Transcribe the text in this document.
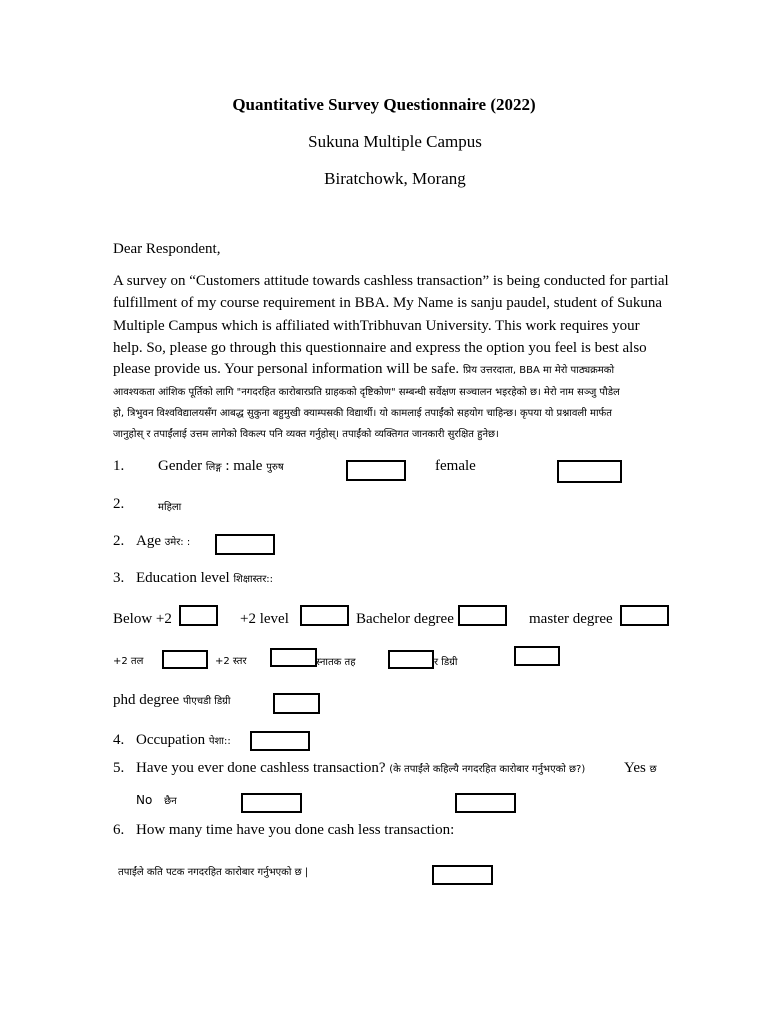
Quantitative Survey Questionnaire (2022)
Sukuna Multiple Campus
Biratchowk, Morang
Dear Respondent,
A survey on “Customers attitude towards cashless transaction” is being conducted for partial
fulfillment of my course requirement in BBA. My Name is sanju paudel, student of Sukuna
Multiple Campus which is affiliated withTribhuvan University. This work requires your
help. So, please go through this questionnaire and express the option you feel is best also
please provide us. Your personal information will be safe. प्रिय उत्तरदाता, BBA मा मेरो पाठ्यक्रमको
आवश्यकता आंशिक पूर्तिको लागि "नगदरहित कारोबारप्रति ग्राहकको दृष्टिकोण" सम्बन्धी सर्वेक्षण सञ्चालन भइरहेको छ। मेरो नाम सञ्जु पौडेल
हो, त्रिभुवन विश्वविद्यालयसँग आबद्ध सुकुना बहुमुखी क्याम्पसकी विद्यार्थी। यो कामलाई तपाईंको सहयोग चाहिन्छ। कृपया यो प्रश्नावली मार्फत
जानुहोस् र तपाईंलाई उत्तम लागेको विकल्प पनि व्यक्त गर्नुहोस्। तपाईंको व्यक्तिगत जानकारी सुरक्षित हुनेछ।
1. Gender लिङ्ग : male पुरुष	female
2.	महिला
2. Age उमेर: :
3. Education level शिक्षास्तर::
Below +2	+2 level	Bachelor degree	master degree
+2 तल	+2 स्तर	स्नातक तह	र डिग्री
phd degree पीएचडी डिग्री
4. Occupation पेशा::
5. Have you ever done cashless transaction? (के तपाईंले कहिल्यै नगदरहित कारोबार गर्नुभएको छ?)	Yes छ
No छैन
6. How many time have you done cash less transaction:
तपाईंले कति पटक नगदरहित कारोबार गर्नुभएको छ |
